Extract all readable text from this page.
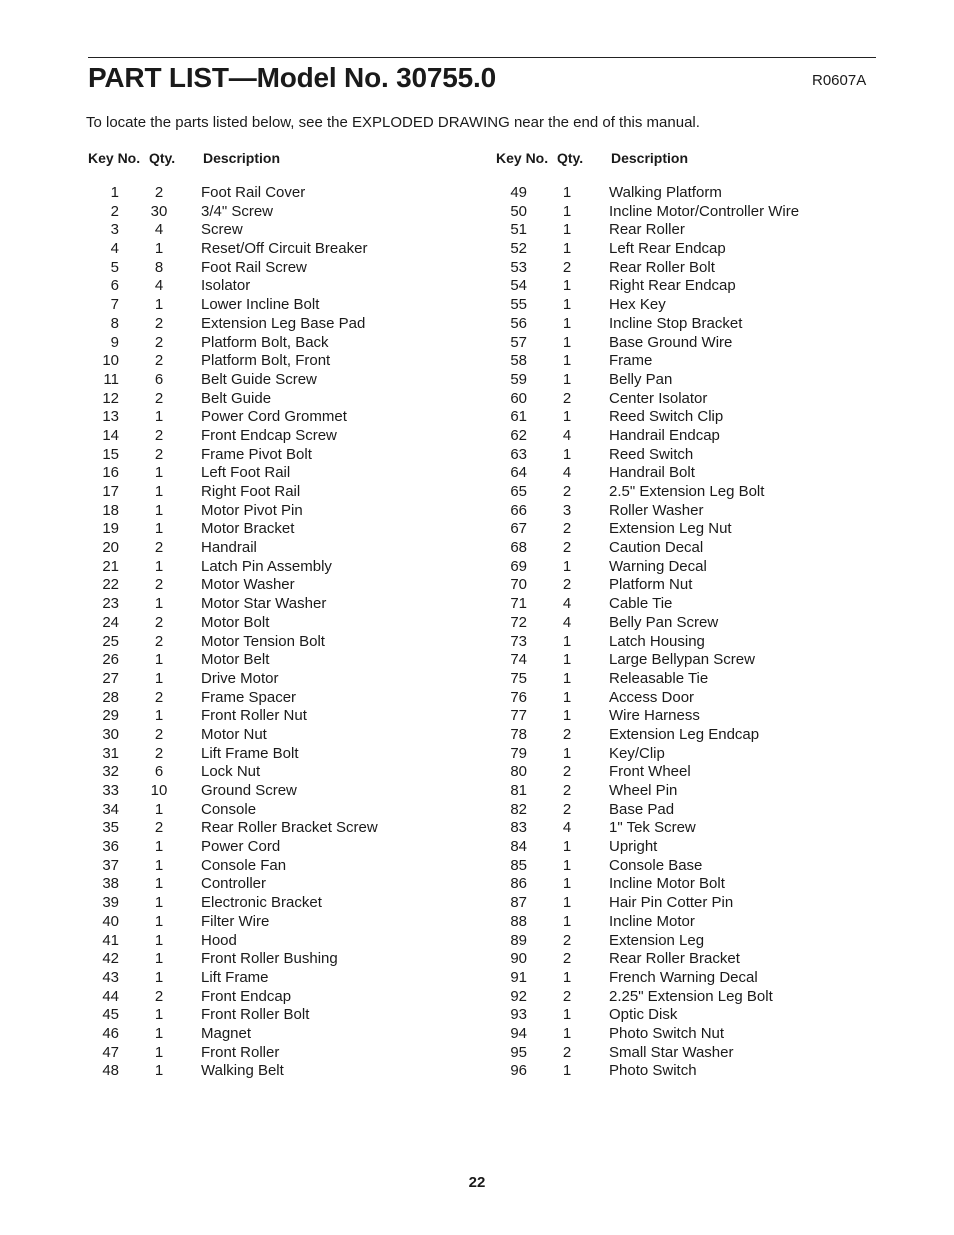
PART LIST—Model No. 30755.0	R0607A
To locate the parts listed below, see the EXPLODED DRAWING near the end of this manual.
Key No. Qty. Description
1	2	Foot Rail Cover
2	30	3/4" Screw
3	4	Screw
4	1	Reset/Off Circuit Breaker
5	8	Foot Rail Screw
6	4	Isolator
7	1	Lower Incline Bolt
8	2	Extension Leg Base Pad
9	2	Platform Bolt, Back
10	2	Platform Bolt, Front
11	6	Belt Guide Screw
12	2	Belt Guide
13	1	Power Cord Grommet
14	2	Front Endcap Screw
15	2	Frame Pivot Bolt
16	1	Left Foot Rail
17	1	Right Foot Rail
18	1	Motor Pivot Pin
19	1	Motor Bracket
20	2	Handrail
21	1	Latch Pin Assembly
22	2	Motor Washer
23	1	Motor Star Washer
24	2	Motor Bolt
25	2	Motor Tension Bolt
26	1	Motor Belt
27	1	Drive Motor
28	2	Frame Spacer
29	1	Front Roller Nut
30	2	Motor Nut
31	2	Lift Frame Bolt
32	6	Lock Nut
33	10	Ground Screw
34	1	Console
35	2	Rear Roller Bracket Screw
36	1	Power Cord
37	1	Console Fan
38	1	Controller
39	1	Electronic Bracket
40	1	Filter Wire
41	1	Hood
42	1	Front Roller Bushing
43	1	Lift Frame
44	2	Front Endcap
45	1	Front Roller Bolt
46	1	Magnet
47	1	Front Roller
48	1	Walking Belt
Key No. Qty. Description
49	1	Walking Platform
50	1	Incline Motor/Controller Wire
51	1	Rear Roller
52	1	Left Rear Endcap
53	2	Rear Roller Bolt
54	1	Right Rear Endcap
55	1	Hex Key
56	1	Incline Stop Bracket
57	1	Base Ground Wire
58	1	Frame
59	1	Belly Pan
60	2	Center Isolator
61	1	Reed Switch Clip
62	4	Handrail Endcap
63	1	Reed Switch
64	4	Handrail Bolt
65	2	2.5" Extension Leg Bolt
66	3	Roller Washer
67	2	Extension Leg Nut
68	2	Caution Decal
69	1	Warning Decal
70	2	Platform Nut
71	4	Cable Tie
72	4	Belly Pan Screw
73	1	Latch Housing
74	1	Large Bellypan Screw
75	1	Releasable Tie
76	1	Access Door
77	1	Wire Harness
78	2	Extension Leg Endcap
79	1	Key/Clip
80	2	Front Wheel
81	2	Wheel Pin
82	2	Base Pad
83	4	1" Tek Screw
84	1	Upright
85	1	Console Base
86	1	Incline Motor Bolt
87	1	Hair Pin Cotter Pin
88	1	Incline Motor
89	2	Extension Leg
90	2	Rear Roller Bracket
91	1	French Warning Decal
92	2	2.25" Extension Leg Bolt
93	1	Optic Disk
94	1	Photo Switch Nut
95	2	Small Star Washer
96	1	Photo Switch
22
